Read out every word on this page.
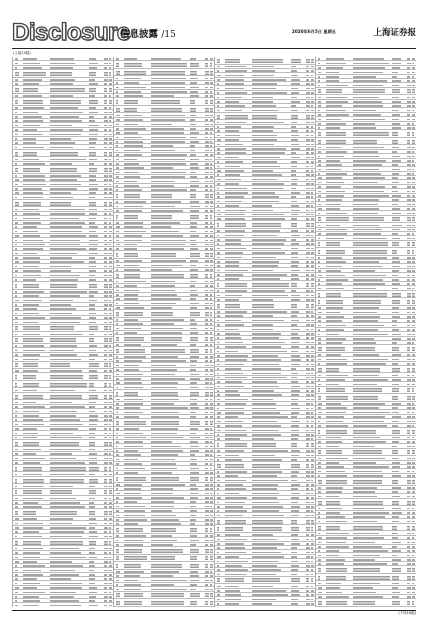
Disclosure
信息披露 /15	2020年6月5日 星期五	上海证券报
(上接14版)
(下转16版)
